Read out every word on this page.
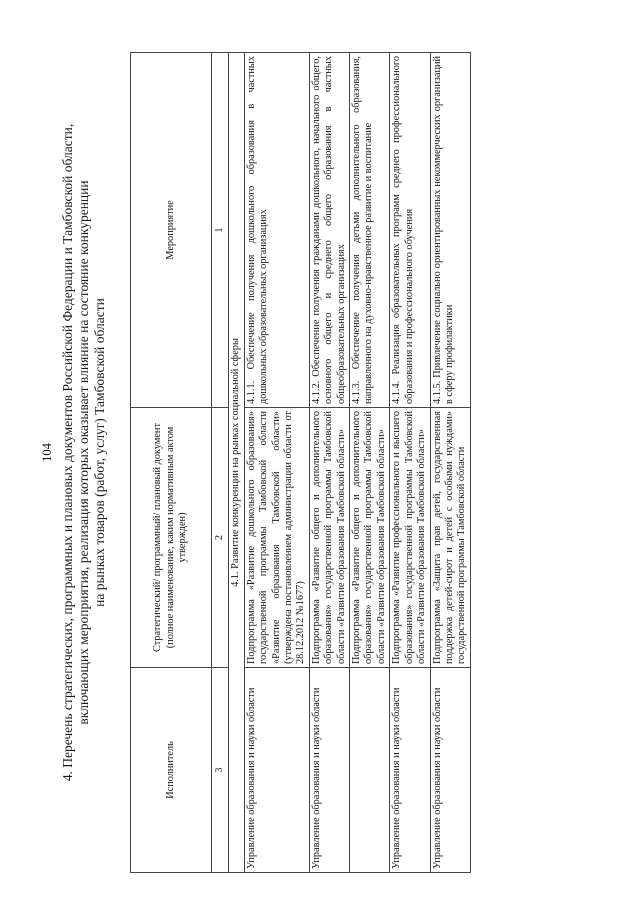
104 4. Перечень стратегических, программных и плановых документов Российской Федерации и Тамбовской области, включающих мероприятия, реализация которых оказывает влияние на состояние конкуренции на рынках товаров (работ, услуг) Тамбовской области
Исполнитель	Стратегический/ программный/ плановый документ (полное наименование, каким нормативным актом утвержден)	Мероприятие
3	2	1
4.1. Развитие конкуренции на рынках социальной сферы		
Управление образования и науки области	Подпрограмма «Развитие дошкольного образования» государственной программы Тамбовской области «Развитие образования Тамбовской области» (утверждена постановлением администрации области от 28.12.2012 №1677)	4.1.1. Обеспечение получения дошкольного образования в частных дошкольных образовательных организациях
Управление образования и науки области	Подпрограмма «Развитие общего и дополнительного образования» государственной программы Тамбовской области «Развитие образования Тамбовской области»	4.1.2. Обеспечение получения гражданами дошкольного, начального общего, основного общего и среднего общего образования в частных общеобразовательных организациях
	Подпрограмма «Развитие общего и дополнительного образования» государственной программы Тамбовской области «Развитие образования Тамбовской области»	4.1.3. Обеспечение получения детьми дополнительного образования, направленного на духовно-нравственное развитие и воспитание
Управление образования и науки области	Подпрограмма «Развитие профессионального и высшего образования» государственной программы Тамбовской области «Развитие образования Тамбовской области»	4.1.4. Реализация образовательных программ среднего профессионального образования и профессионального обучения
Управление образования и науки области	Подпрограмма «Защита прав детей, государственная поддержка детей-сирот и детей с особыми нуждами» государственной программы Тамбовской области	4.1.5. Привлечение социально ориентированных некоммерческих организаций в сферу профилактики
